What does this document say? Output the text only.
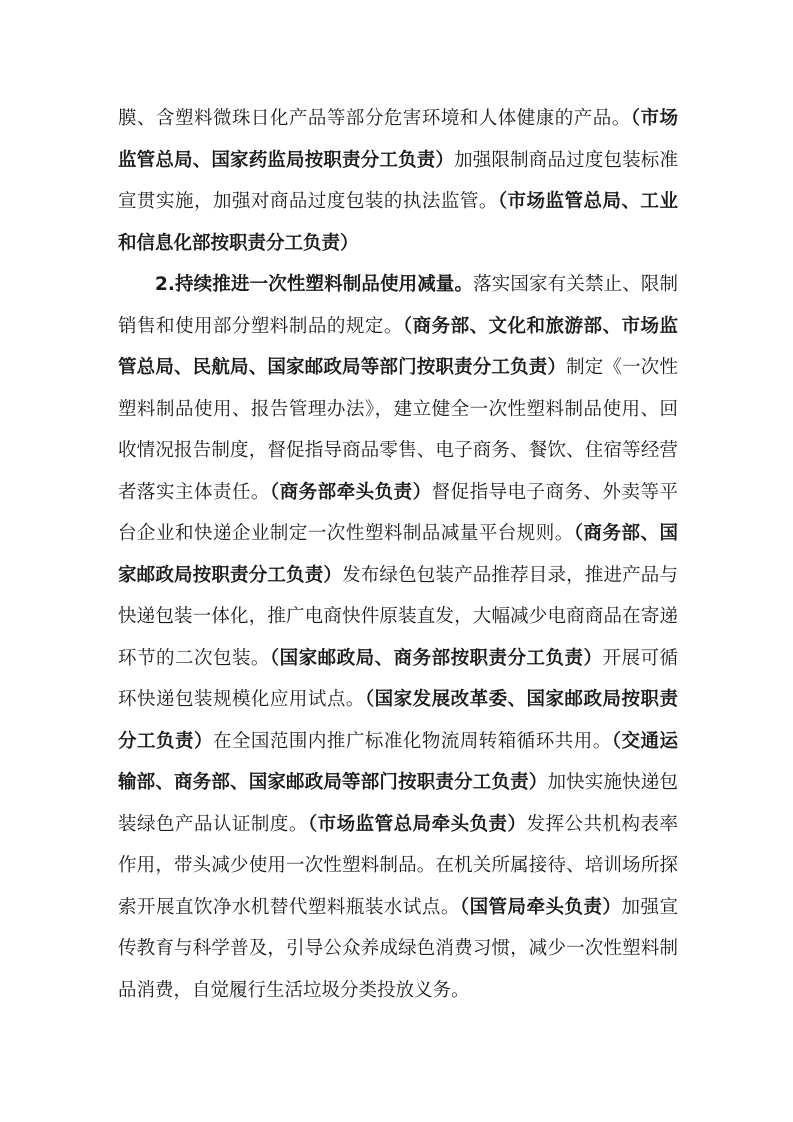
膜、含塑料微珠日化产品等部分危害环境和人体健康的产品。（市场监管总局、国家药监局按职责分工负责）加强限制商品过度包装标准宣贯实施，加强对商品过度包装的执法监管。（市场监管总局、工业和信息化部按职责分工负责）

2.持续推进一次性塑料制品使用减量。落实国家有关禁止、限制销售和使用部分塑料制品的规定。（商务部、文化和旅游部、市场监管总局、民航局、国家邮政局等部门按职责分工负责）制定《一次性塑料制品使用、报告管理办法》，建立健全一次性塑料制品使用、回收情况报告制度，督促指导商品零售、电子商务、餐饮、住宿等经营者落实主体责任。（商务部牵头负责）督促指导电子商务、外卖等平台企业和快递企业制定一次性塑料制品减量平台规则。（商务部、国家邮政局按职责分工负责）发布绿色包装产品推荐目录，推进产品与快递包装一体化，推广电商快件原装直发，大幅减少电商商品在寄递环节的二次包装。（国家邮政局、商务部按职责分工负责）开展可循环快递包装规模化应用试点。（国家发展改革委、国家邮政局按职责分工负责）在全国范围内推广标准化物流周转箱循环共用。（交通运输部、商务部、国家邮政局等部门按职责分工负责）加快实施快递包装绿色产品认证制度。（市场监管总局牵头负责）发挥公共机构表率作用，带头减少使用一次性塑料制品。在机关所属接待、培训场所探索开展直饮净水机替代塑料瓶装水试点。（国管局牵头负责）加强宣传教育与科学普及，引导公众养成绿色消费习惯，减少一次性塑料制品消费，自觉履行生活垃圾分类投放义务。
